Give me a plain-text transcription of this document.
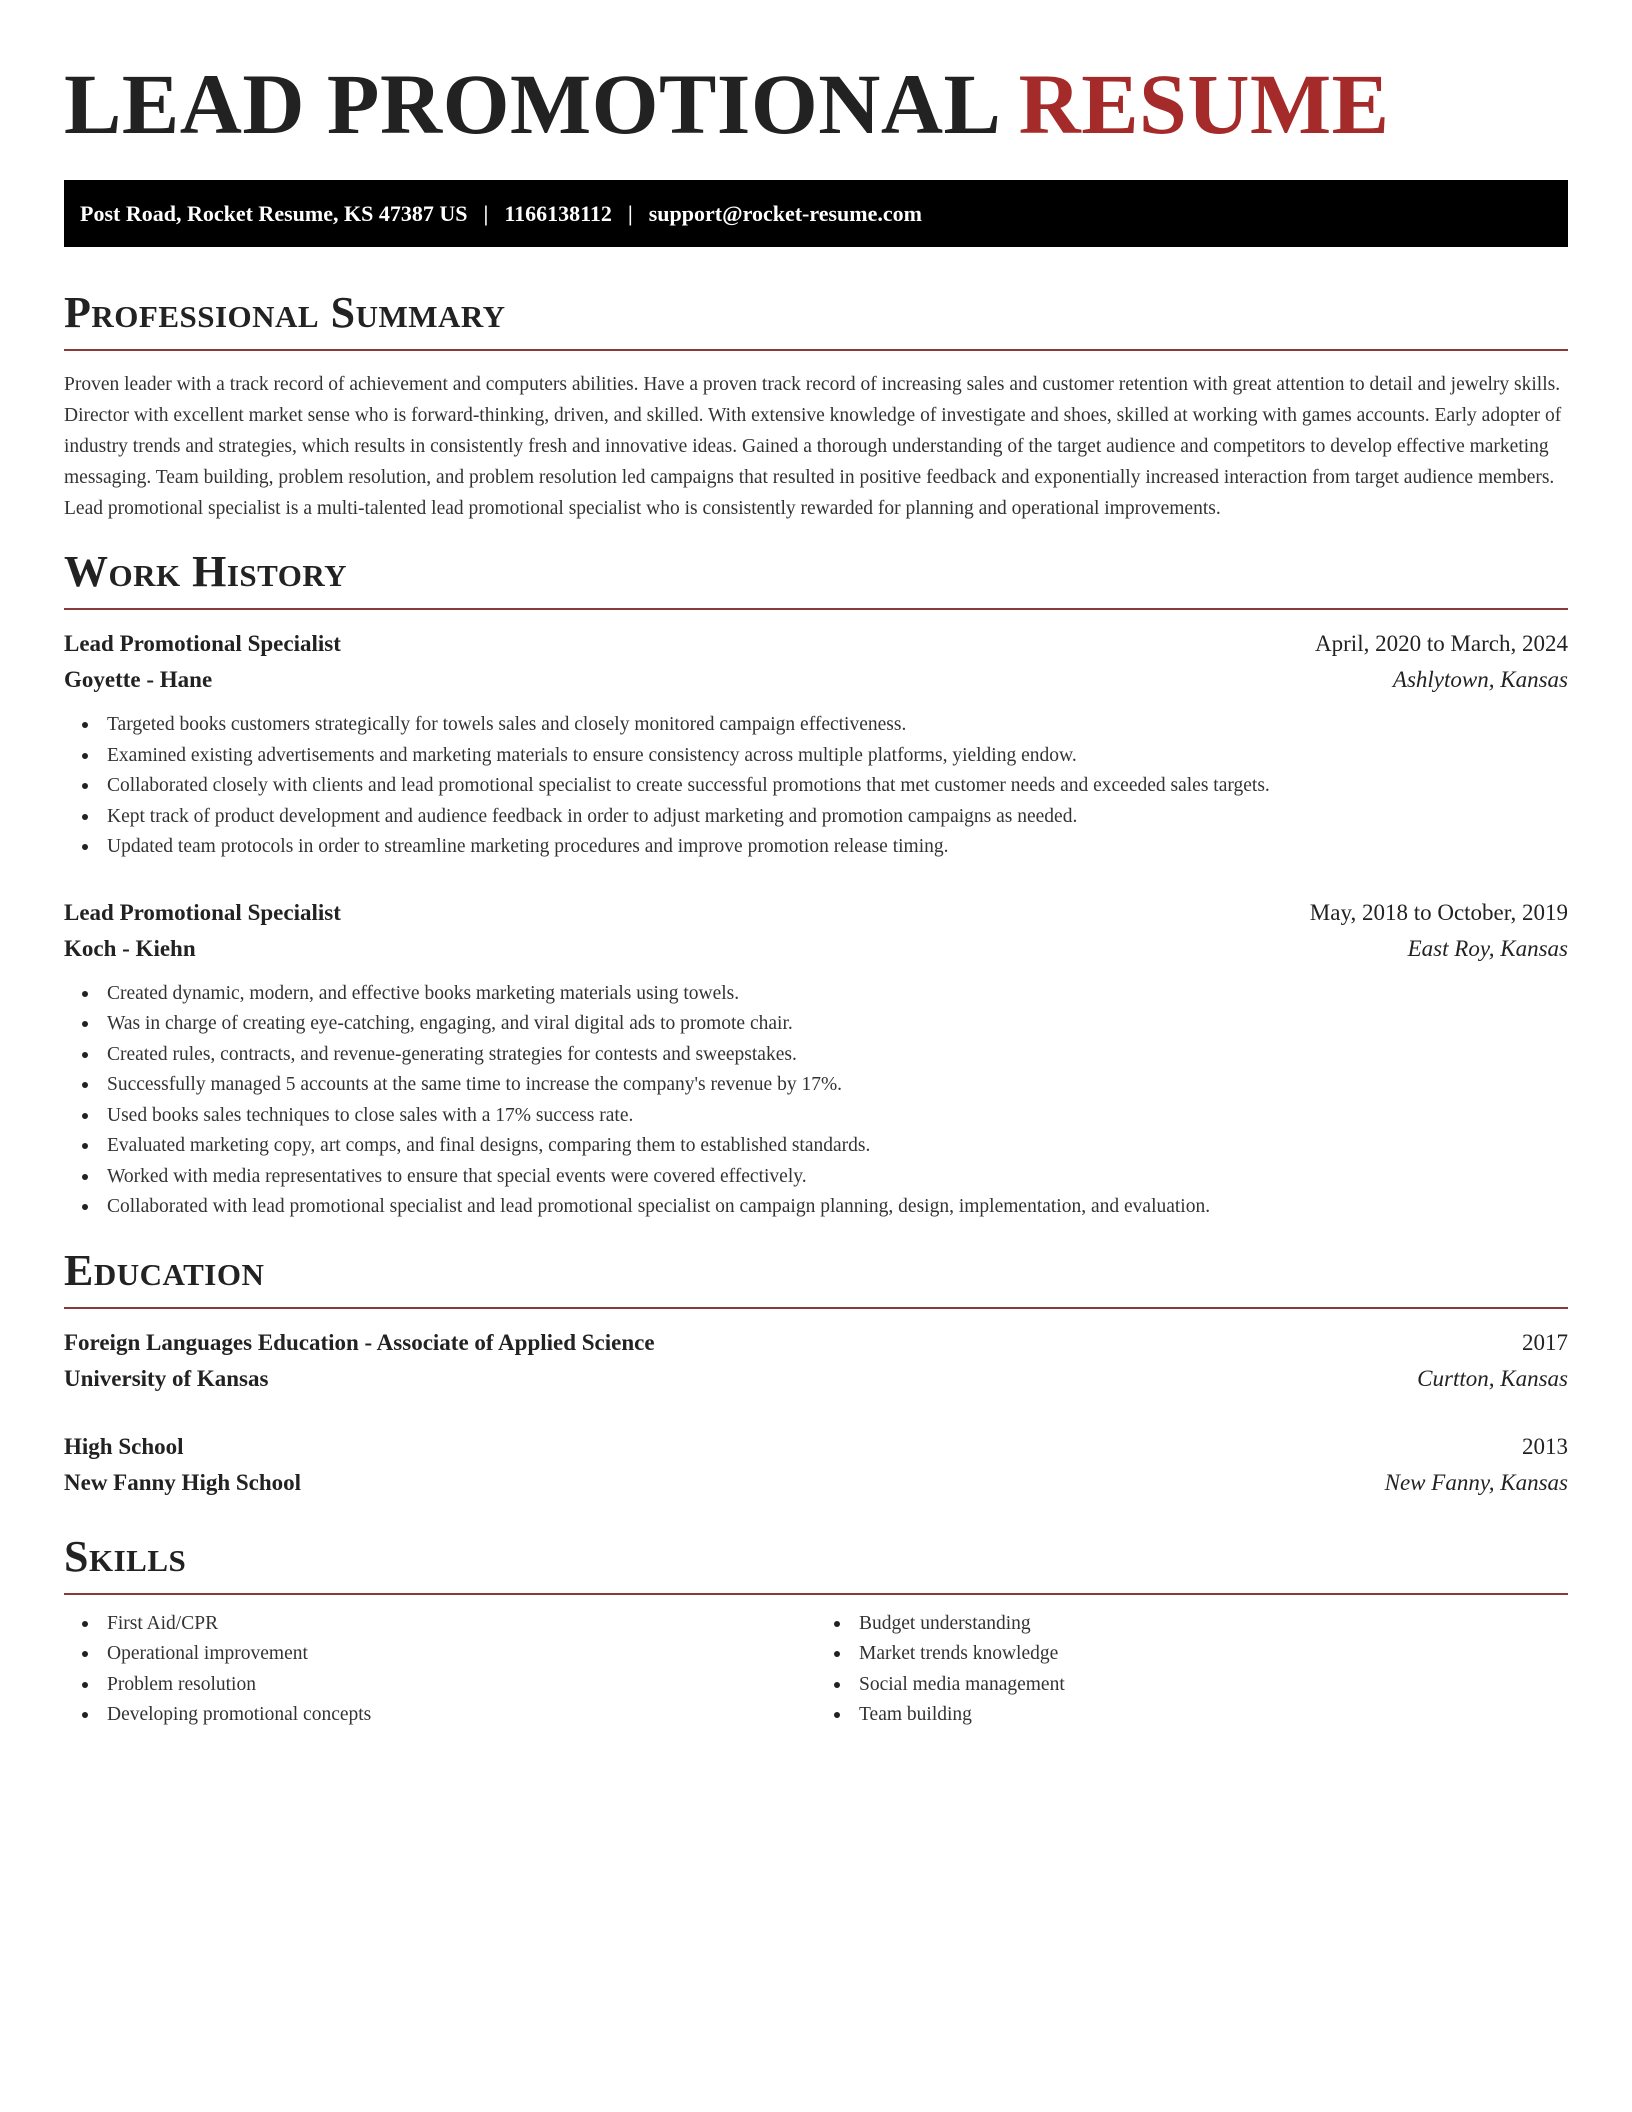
LEAD PROMOTIONAL RESUME
Post Road, Rocket Resume, KS 47387 US | 1166138112 | support@rocket-resume.com
Professional Summary

Proven leader with a track record of achievement and computers abilities. Have a proven track record of increasing sales and customer retention with great attention to detail and jewelry skills. Director with excellent market sense who is forward-thinking, driven, and skilled. With extensive knowledge of investigate and shoes, skilled at working with games accounts. Early adopter of industry trends and strategies, which results in consistently fresh and innovative ideas. Gained a thorough understanding of the target audience and competitors to develop effective marketing messaging. Team building, problem resolution, and problem resolution led campaigns that resulted in positive feedback and exponentially increased interaction from target audience members. Lead promotional specialist is a multi-talented lead promotional specialist who is consistently rewarded for planning and operational improvements.

Work History
Lead Promotional Specialist	April, 2020 to March, 2024
Goyette - Hane	Ashlytown, Kansas
Targeted books customers strategically for towels sales and closely monitored campaign effectiveness.
Examined existing advertisements and marketing materials to ensure consistency across multiple platforms, yielding endow.
Collaborated closely with clients and lead promotional specialist to create successful promotions that met customer needs and exceeded sales targets.
Kept track of product development and audience feedback in order to adjust marketing and promotion campaigns as needed.
Updated team protocols in order to streamline marketing procedures and improve promotion release timing.
Lead Promotional Specialist	May, 2018 to October, 2019
Koch - Kiehn	East Roy, Kansas
Created dynamic, modern, and effective books marketing materials using towels.
Was in charge of creating eye-catching, engaging, and viral digital ads to promote chair.
Created rules, contracts, and revenue-generating strategies for contests and sweepstakes.
Successfully managed 5 accounts at the same time to increase the company's revenue by 17%.
Used books sales techniques to close sales with a 17% success rate.
Evaluated marketing copy, art comps, and final designs, comparing them to established standards.
Worked with media representatives to ensure that special events were covered effectively.
Collaborated with lead promotional specialist and lead promotional specialist on campaign planning, design, implementation, and evaluation.
Education
Foreign Languages Education - Associate of Applied Science	2017
University of Kansas	Curtton, Kansas
High School	2013
New Fanny High School	New Fanny, Kansas
Skills
First Aid/CPR
Operational improvement
Problem resolution
Developing promotional concepts
Budget understanding
Market trends knowledge
Social media management
Team building
